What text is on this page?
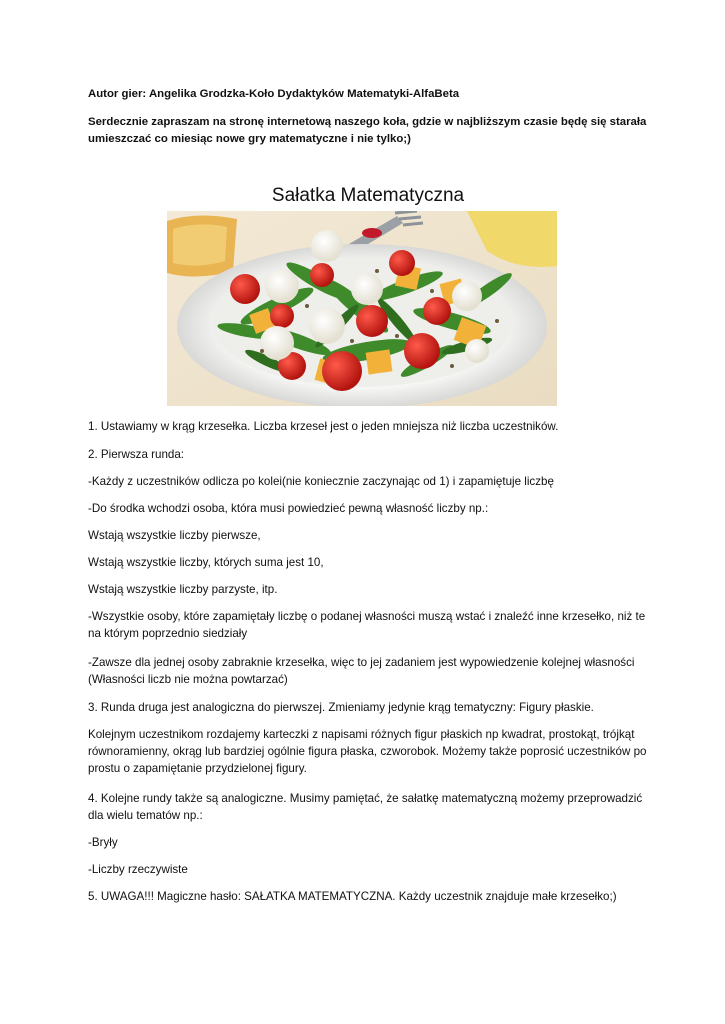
Autor gier: Angelika Grodzka-Koło Dydaktyków Matematyki-AlfaBeta
Serdecznie zapraszam na stronę internetową naszego koła, gdzie w najbliższym czasie będę się starała umieszczać co miesiąc nowe gry matematyczne i nie tylko;)
Sałatka Matematyczna

1. Ustawiamy w krąg krzesełka. Liczba krzeseł jest o jeden mniejsza niż liczba uczestników.

2. Pierwsza runda:

-Każdy z uczestników odlicza po kolei(nie koniecznie zaczynając od 1) i zapamiętuje liczbę

-Do środka wchodzi osoba, która musi powiedzieć pewną własność liczby np.:

Wstają wszystkie liczby pierwsze,

Wstają wszystkie liczby, których suma jest 10,

Wstają wszystkie liczby parzyste, itp.

-Wszystkie osoby, które zapamiętały liczbę o podanej własności muszą wstać i znaleźć inne krzesełko, niż te na którym poprzednio siedziały

-Zawsze dla jednej osoby zabraknie krzesełka, więc to jej zadaniem jest wypowiedzenie kolejnej własności (Własności liczb nie można powtarzać)

3. Runda druga jest analogiczna do pierwszej. Zmieniamy jedynie krąg tematyczny: Figury płaskie.

Kolejnym uczestnikom rozdajemy karteczki z napisami różnych figur płaskich np kwadrat, prostokąt, trójkąt równoramienny, okrąg lub bardziej ogólnie figura płaska, czworobok. Możemy także poprosić uczestników po prostu o zapamiętanie przydzielonej figury.

4. Kolejne rundy także są analogiczne. Musimy pamiętać, że sałatkę matematyczną możemy przeprowadzić dla wielu tematów np.:

-Bryły

-Liczby rzeczywiste

5. UWAGA!!! Magiczne hasło: SAŁATKA MATEMATYCZNA. Każdy uczestnik znajduje małe krzesełko;)
